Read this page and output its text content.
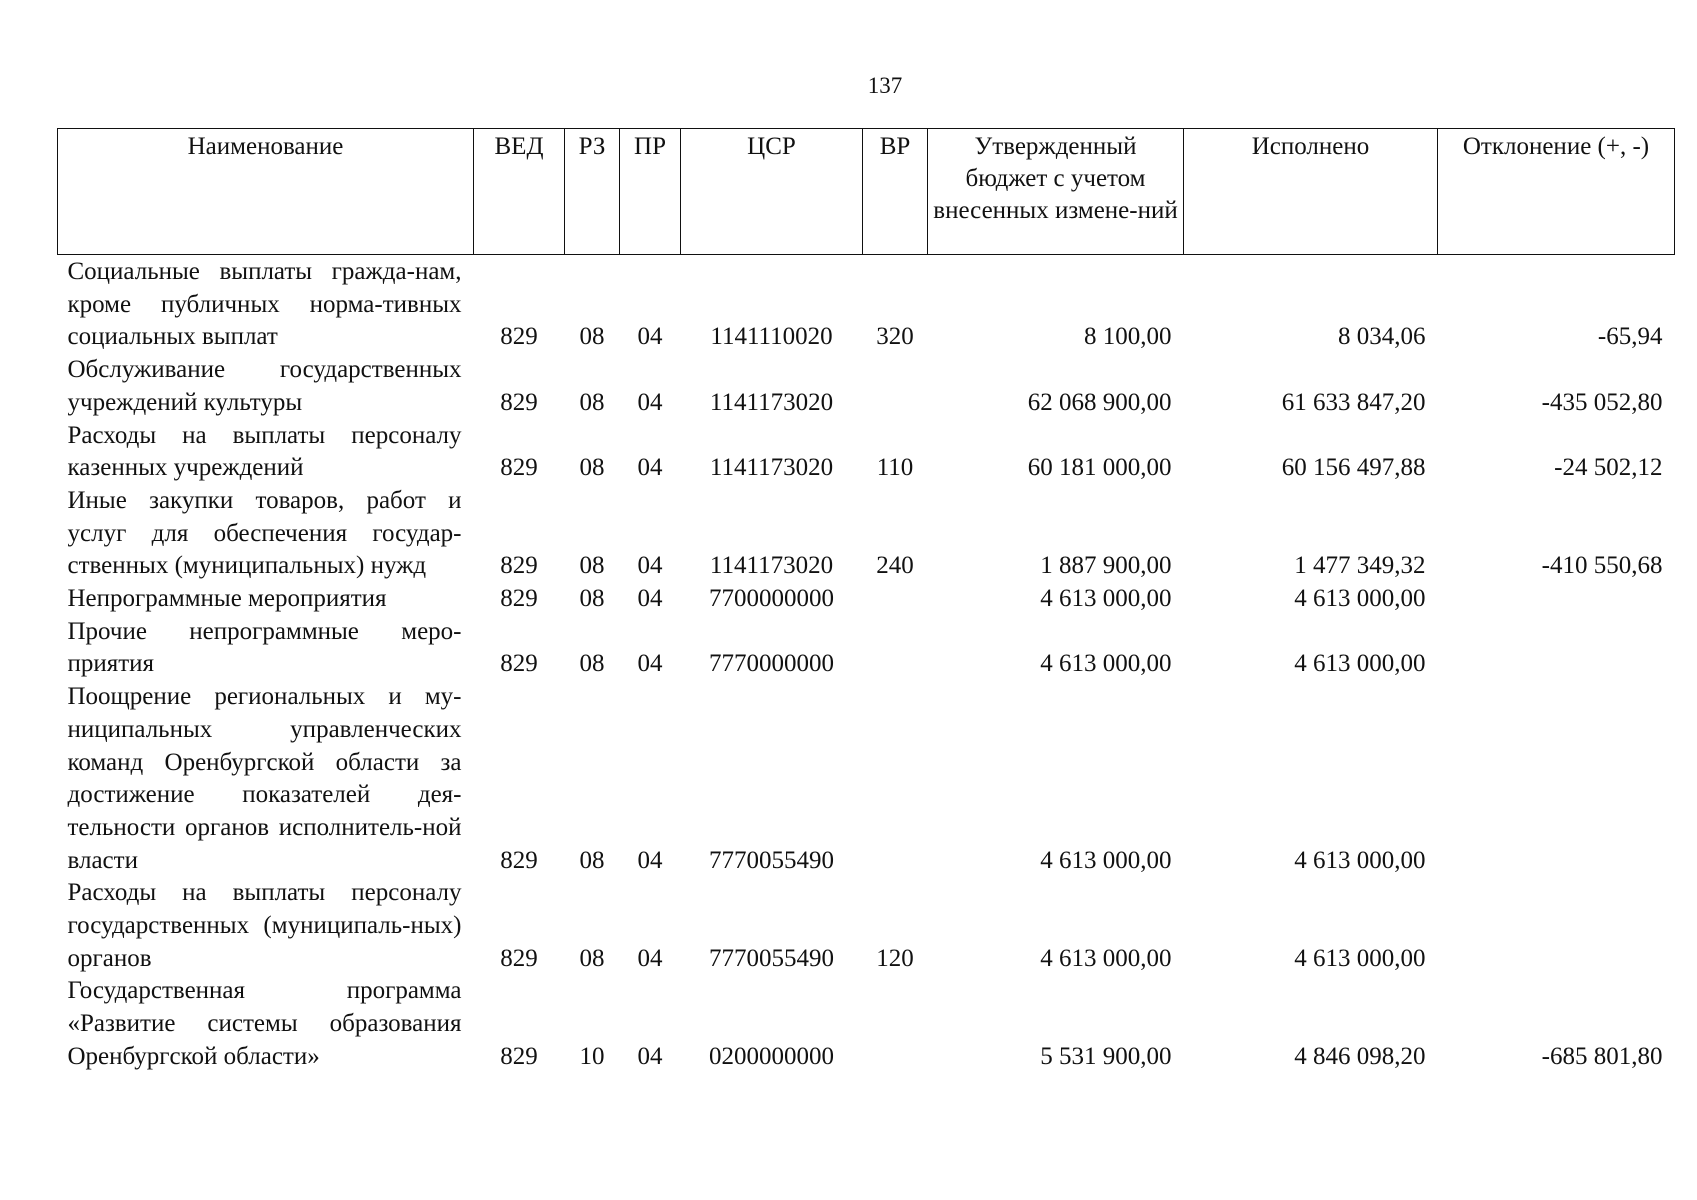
137
Наименование	ВЕД	РЗ	ПР	ЦСР	ВР	Утвержденный бюджет с учетом внесенных измене-ний	Исполнено	Отклонение (+, -)
Социальные выплаты граждa-нам, кроме публичных норма-тивных социальных выплат	829	08	04	1141110020	320	8 100,00	8 034,06	-65,94
Обслуживание государственных учреждений культуры	829	08	04	1141173020		62 068 900,00	61 633 847,20	-435 052,80
Расходы на выплаты персоналу казенных учреждений	829	08	04	1141173020	110	60 181 000,00	60 156 497,88	-24 502,12
Иные закупки товаров, работ и услуг для обеспечения государ-ственных (муниципальных) нужд	829	08	04	1141173020	240	1 887 900,00	1 477 349,32	-410 550,68
Непрограммные мероприятия	829	08	04	7700000000		4 613 000,00	4 613 000,00	
Прочие непрограммные меро-приятия	829	08	04	7770000000		4 613 000,00	4 613 000,00	
Поощрение региональных и му-ниципальных управленческих команд Оренбургской области за достижение показателей дея-тельности органов исполнитель-ной власти	829	08	04	7770055490		4 613 000,00	4 613 000,00	
Расходы на выплаты персоналу государственных (муниципаль-ных) органов	829	08	04	7770055490	120	4 613 000,00	4 613 000,00	
Государственная программа «Развитие системы образования Оренбургской области»	829	10	04	0200000000		5 531 900,00	4 846 098,20	-685 801,80
